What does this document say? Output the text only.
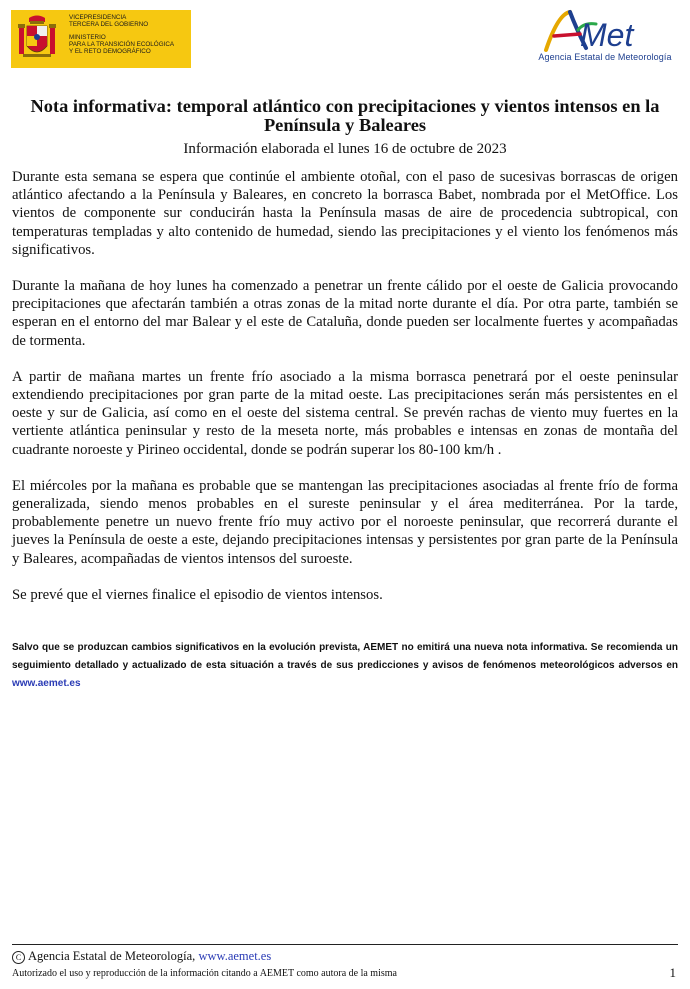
VICEPRESIDENCIA
TERCERA DEL GOBIERNO
MINISTERIO
PARA LA TRANSICIÓN ECOLÓGICA
Y EL RETO DEMOGRÁFICO	Met
Agencia Estatal de Meteorología
Nota informativa: temporal atlántico con precipitaciones y vientos intensos en la Península y Baleares
Información elaborada el lunes 16 de octubre de 2023

Durante esta semana se espera que continúe el ambiente otoñal, con el paso de sucesivas borrascas de origen atlántico afectando a la Península y Baleares, en concreto la borrasca Babet, nombrada por el MetOffice. Los vientos de componente sur conducirán hasta la Península masas de aire de procedencia subtropical, con temperaturas templadas y alto contenido de humedad, siendo las precipitaciones y el viento los fenómenos más significativos.

Durante la mañana de hoy lunes ha comenzado a penetrar un frente cálido por el oeste de Galicia provocando precipitaciones que afectarán también a otras zonas de la mitad norte durante el día. Por otra parte, también se esperan en el entorno del mar Balear y el este de Cataluña, donde pueden ser localmente fuertes y acompañadas de tormenta.

A partir de mañana martes un frente frío asociado a la misma borrasca penetrará por el oeste peninsular extendiendo precipitaciones por gran parte de la mitad oeste. Las precipitaciones serán más persistentes en el oeste y sur de Galicia, así como en el oeste del sistema central. Se prevén rachas de viento muy fuertes en la vertiente atlántica peninsular y resto de la meseta norte, más probables e intensas en zonas de montaña del cuadrante noroeste y Pirineo occidental, donde se podrán superar los 80-100 km/h .

El miércoles por la mañana es probable que se mantengan las precipitaciones asociadas al frente frío de forma generalizada, siendo menos probables en el sureste peninsular y el área mediterránea. Por la tarde, probablemente penetre un nuevo frente frío muy activo por el noroeste peninsular, que recorrerá durante el jueves la Península de oeste a este, dejando precipitaciones intensas y persistentes por gran parte de la Península y Baleares, acompañadas de vientos intensos del suroeste.

Se prevé que el viernes finalice el episodio de vientos intensos.

Salvo que se produzcan cambios significativos en la evolución prevista, AEMET no emitirá una nueva nota informativa. Se recomienda un seguimiento detallado y actualizado de esta situación a través de sus predicciones y avisos de fenómenos meteorológicos adversos en www.aemet.es
C Agencia Estatal de Meteorología, www.aemet.es
Autorizado el uso y reproducción de la información citando a AEMET como autora de la misma	1
